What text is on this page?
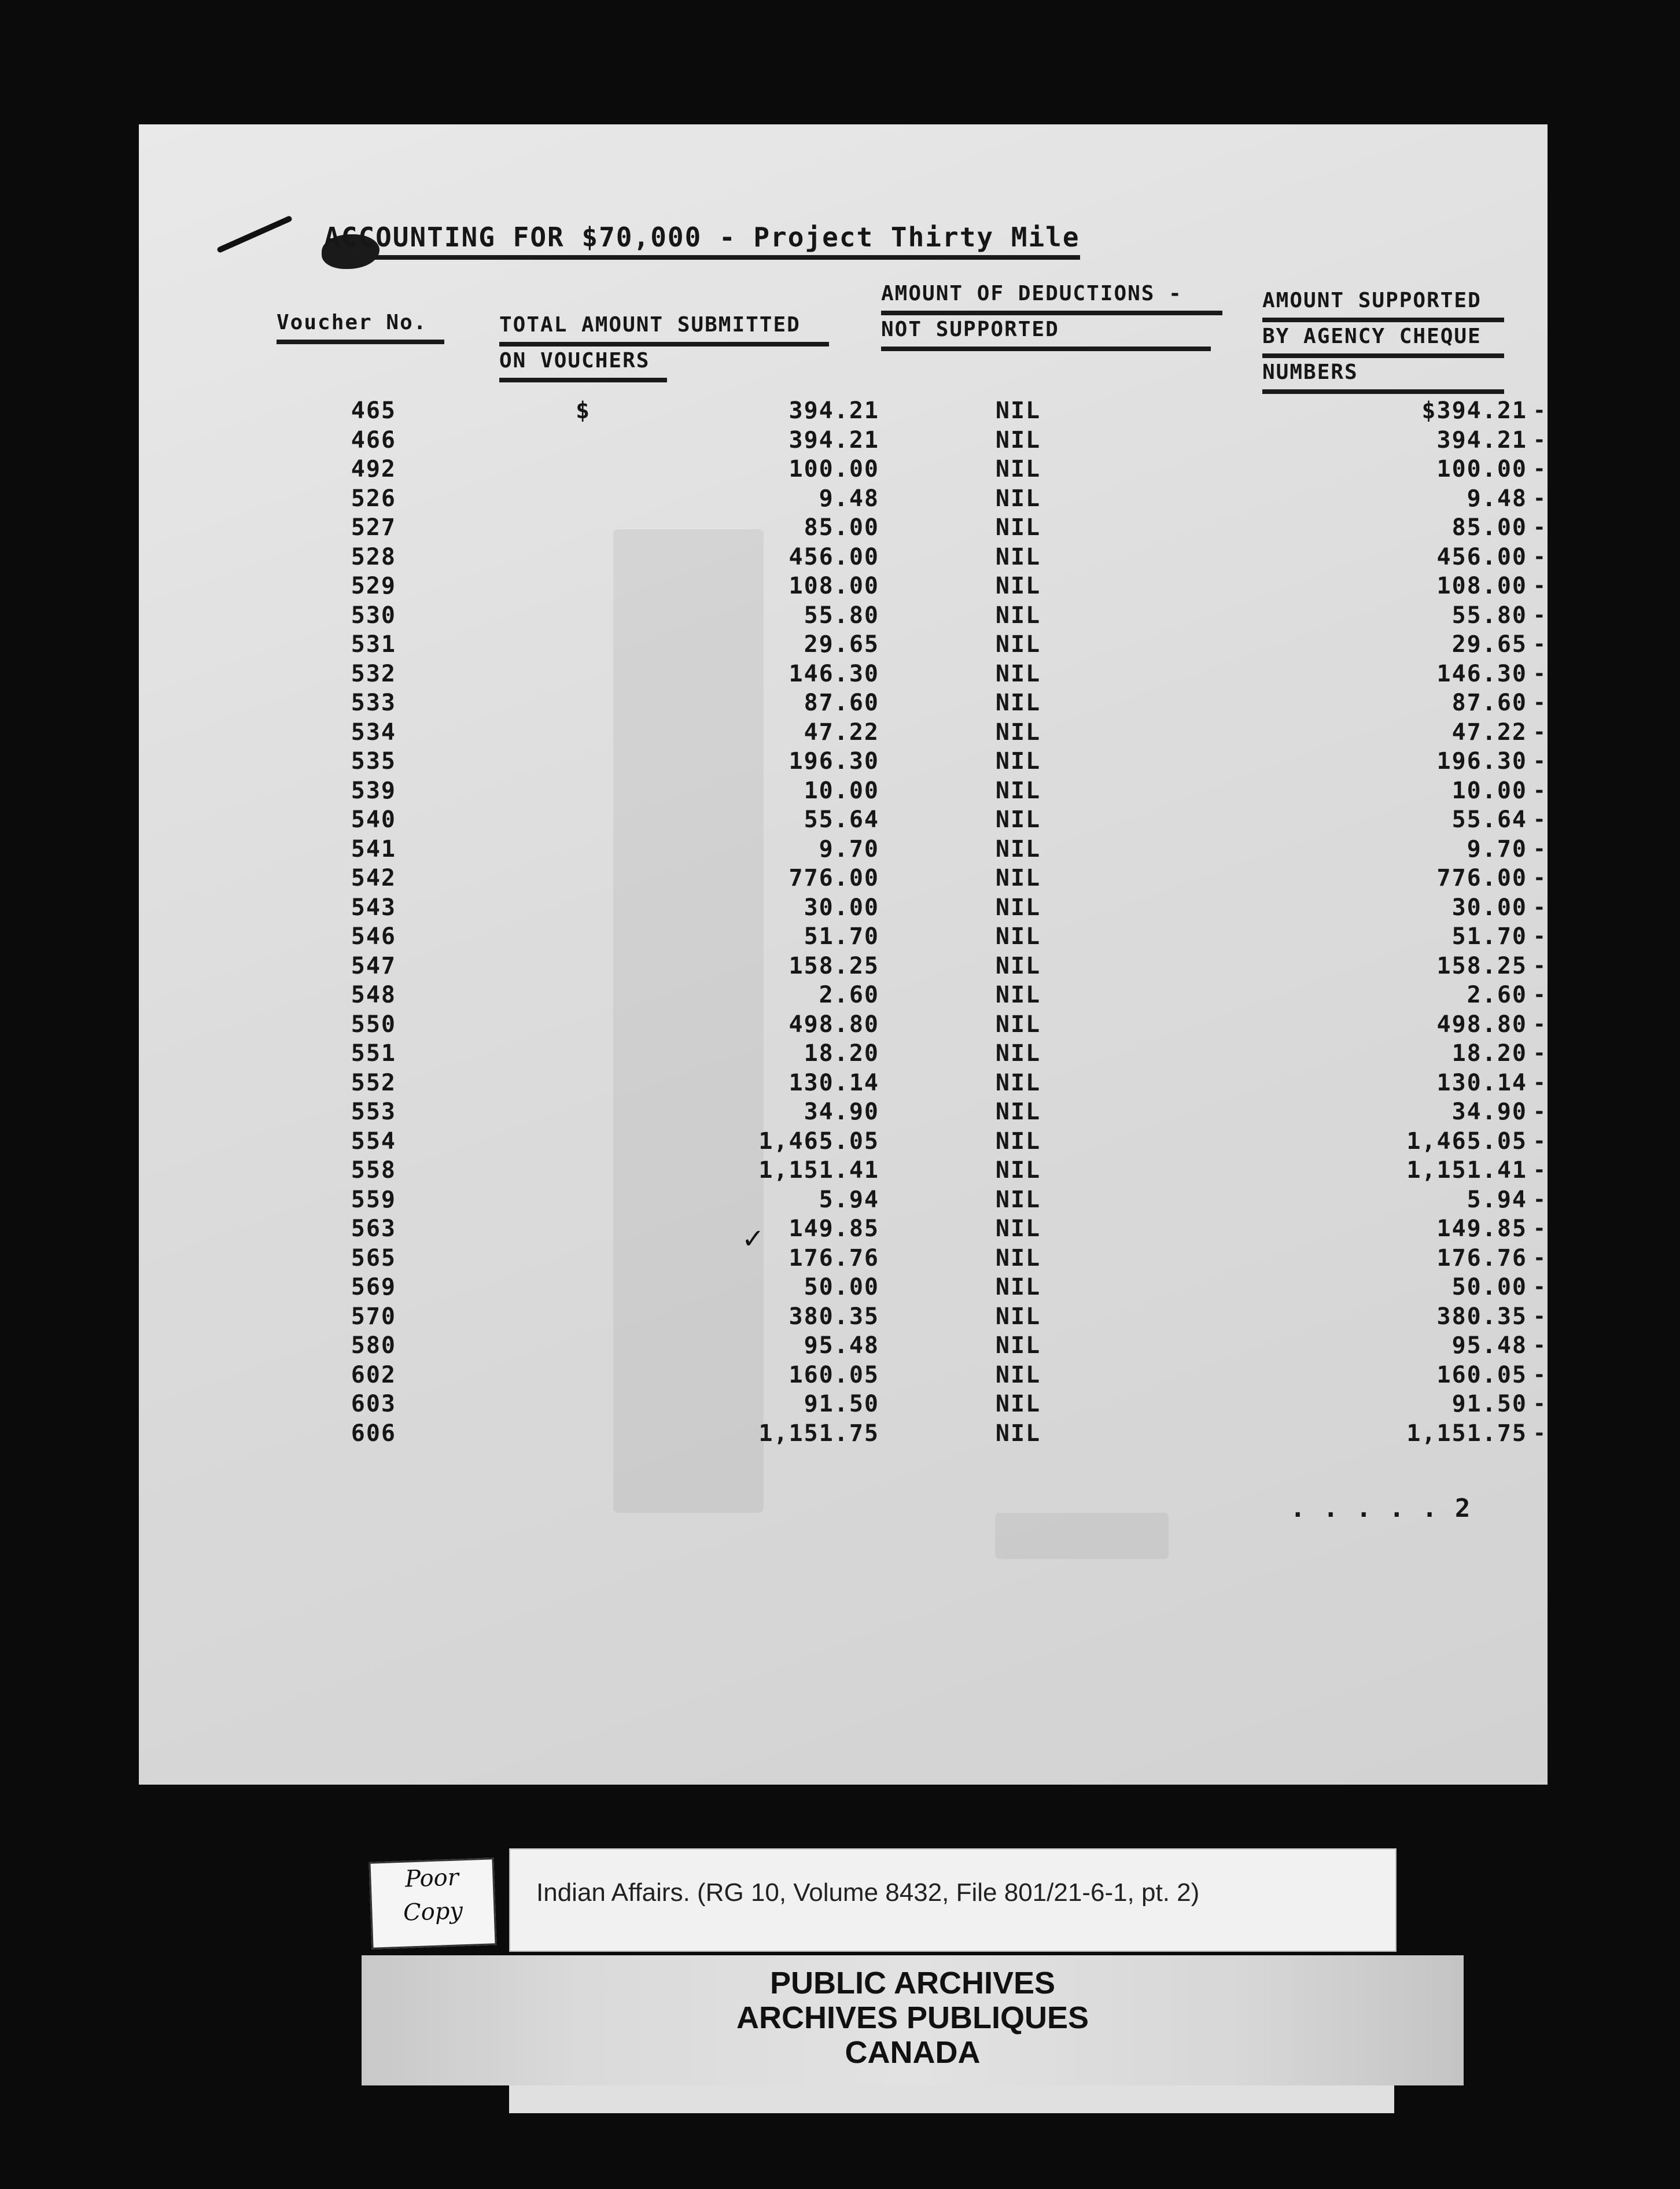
ACCOUNTING FOR $70,000 - Project Thirty Mile
Voucher No.	TOTAL AMOUNT SUBMITTED
ON VOUCHERS
AMOUNT OF DEDUCTIONS -
NOT SUPPORTED
AMOUNT SUPPORTED
BY AGENCY CHEQUE
NUMBERS
$
465	394.21	NIL	$394.21 -
466	394.21	NIL	394.21 -
492	100.00	NIL	100.00 -
526	9.48	NIL	9.48 -
527	85.00	NIL	85.00 -
528	456.00	NIL	456.00 -
529	108.00	NIL	108.00 -
530	55.80	NIL	55.80 -
531	29.65	NIL	29.65 -
532	146.30	NIL	146.30 -
533	87.60	NIL	87.60 -
534	47.22	NIL	47.22 -
535	196.30	NIL	196.30 -
539	10.00	NIL	10.00 -
540	55.64	NIL	55.64 -
541	9.70	NIL	9.70 -
542	776.00	NIL	776.00 -
543	30.00	NIL	30.00 -
546	51.70	NIL	51.70 -
547	158.25	NIL	158.25 -
548	2.60	NIL	2.60 -
550	498.80	NIL	498.80 -
551	18.20	NIL	18.20 -
552	130.14	NIL	130.14 -
553	34.90	NIL	34.90 -
554	1,465.05	NIL	1,465.05 -
558	1,151.41	NIL	1,151.41 -
559	5.94	NIL	5.94 -
563	149.85	NIL	149.85 -
565	176.76	NIL	176.76 -
569	50.00	NIL	50.00 -
570	380.35	NIL	380.35 -
580	95.48	NIL	95.48 -
602	160.05	NIL	160.05 -
603	91.50	NIL	91.50 -
606	1,151.75	NIL	1,151.75 -
✓
. . . . . 2
Poor
Copy
Indian Affairs. (RG 10, Volume 8432, File 801/21-6-1, pt. 2)
PUBLIC ARCHIVES
ARCHIVES PUBLIQUES
CANADA
